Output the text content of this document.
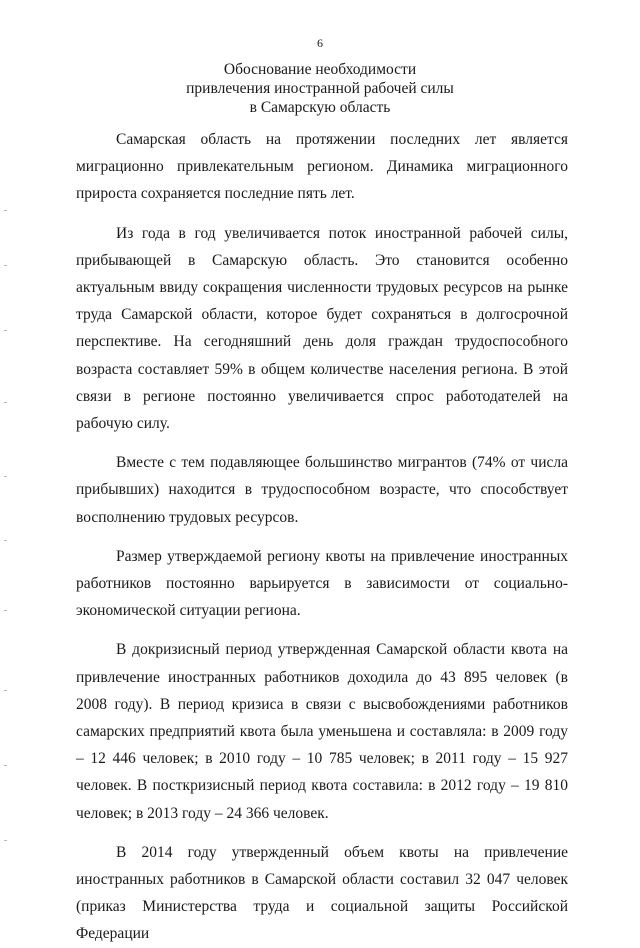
6
Обоснование необходимости
привлечения иностранной рабочей силы
в Самарскую область

Самарская область на протяжении последних лет является миграционно привлекательным регионом. Динамика миграционного прироста сохраняется последние пять лет.

Из года в год увеличивается поток иностранной рабочей силы, прибывающей в Самарскую область. Это становится особенно актуальным ввиду сокращения численности трудовых ресурсов на рынке труда Самарской области, которое будет сохраняться в долгосрочной перспективе. На сегодняшний день доля граждан трудоспособного возраста составляет 59% в общем количестве населения региона. В этой связи в регионе постоянно увеличивается спрос работодателей на рабочую силу.

Вместе с тем подавляющее большинство мигрантов (74% от числа прибывших) находится в трудоспособном возрасте, что способствует восполнению трудовых ресурсов.

Размер утверждаемой региону квоты на привлечение иностранных работников постоянно варьируется в зависимости от социально-экономической ситуации региона.

В докризисный период утвержденная Самарской области квота на привлечение иностранных работников доходила до 43 895 человек (в 2008 году). В период кризиса в связи с высвобождениями работников самарских предприятий квота была уменьшена и составляла: в 2009 году – 12 446 человек; в 2010 году – 10 785 человек; в 2011 году – 15 927 человек. В посткризисный период квота составила: в 2012 году – 19 810 человек; в 2013 году – 24 366 человек.

В 2014 году утвержденный объем квоты на привлечение иностранных работников в Самарской области составил 32 047 человек (приказ Министерства труда и социальной защиты Российской Федерации
